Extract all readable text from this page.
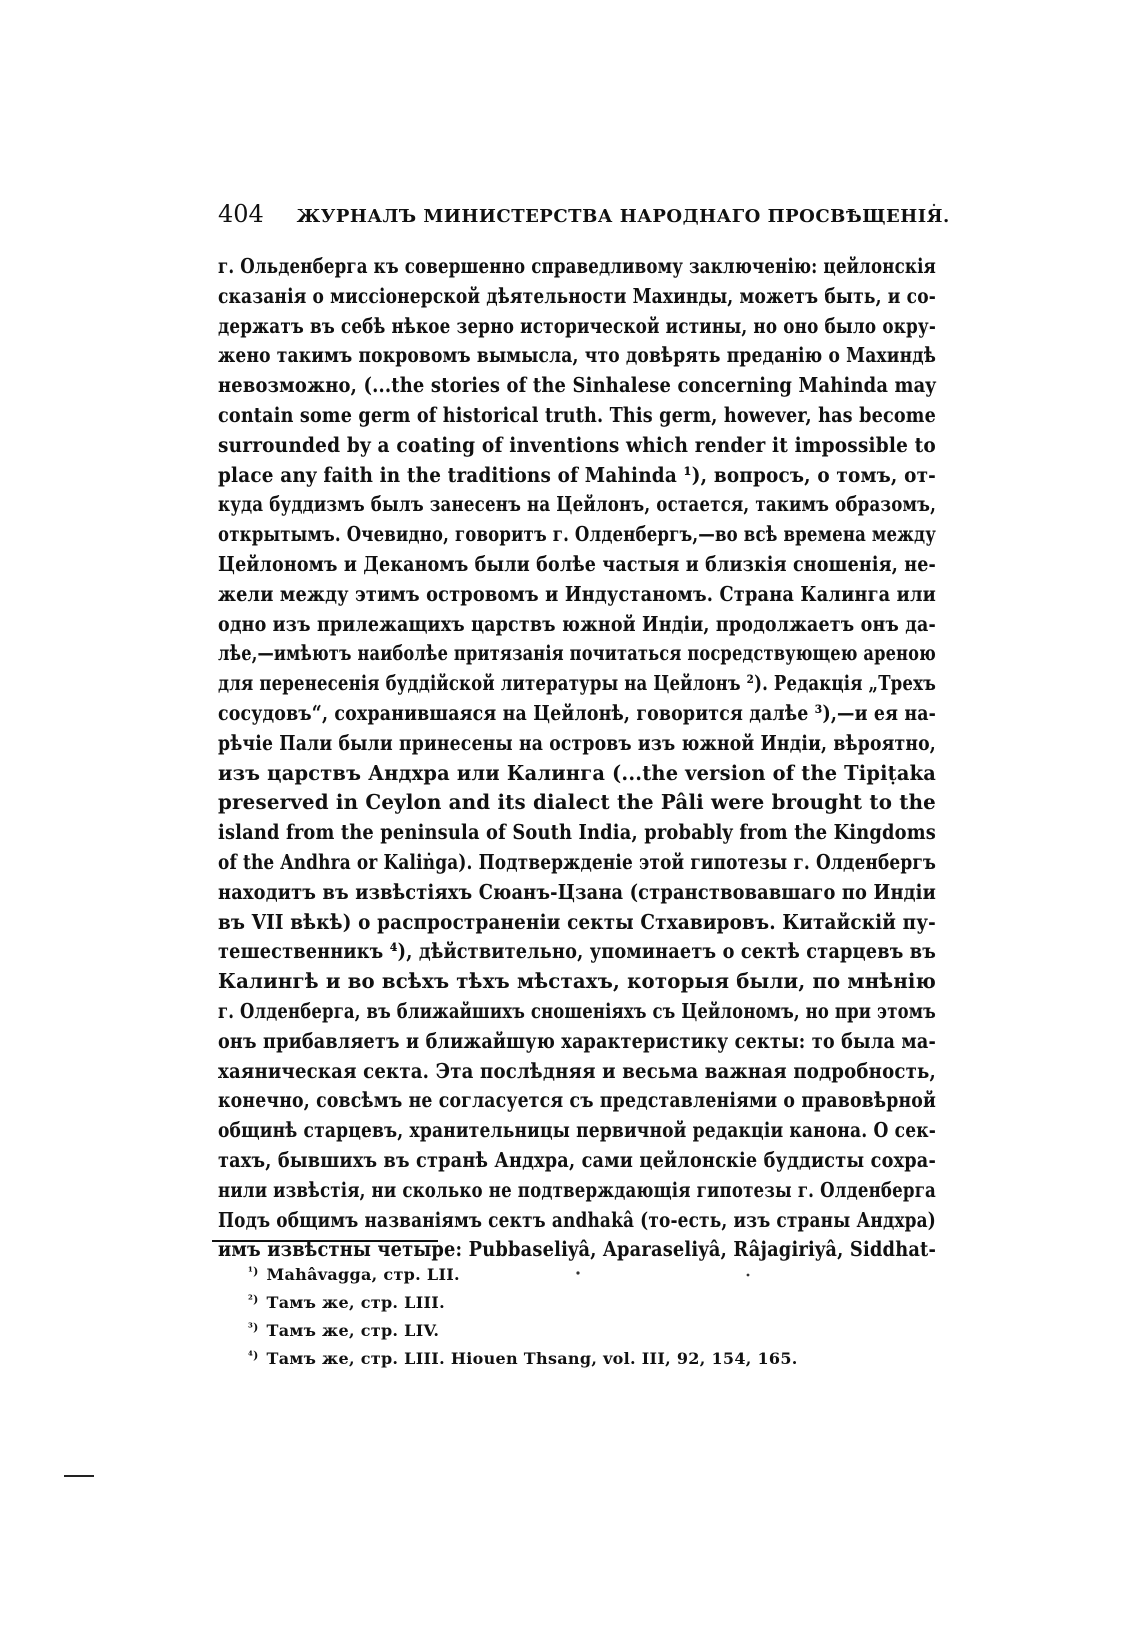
404 ЖУРНАЛЪ МИНИСТЕРСТВА НАРОДНАГО ПРОСВѢЩЕНІЯ.
г. Ольденберга къ совершенно справедливому заключенію: цейлонскія
сказанія о миссіонерской дѣятельности Махинды, можетъ быть, и со-
держатъ въ себѣ нѣкое зерно исторической истины, но оно было окру-
жено такимъ покровомъ вымысла, что довѣрять преданію о Махиндѣ
невозможно, (...the stories of the Sinhalese concerning Mahinda may
contain some germ of historical truth. This germ, however, has become
surrounded by a coating of inventions which render it impossible to
place any faith in the traditions of Mahinda ¹), вопросъ, о томъ, от-
куда буддизмъ былъ занесенъ на Цейлонъ, остается, такимъ образомъ,
открытымъ. Очевидно, говоритъ г. Олденбергъ,—во всѣ времена между
Цейлономъ и Деканомъ были болѣе частыя и близкія сношенія, не-
жели между этимъ островомъ и Индустаномъ. Страна Калинга или
одно изъ прилежащихъ царствъ южной Индіи, продолжаетъ онъ да-
лѣе,—имѣютъ наиболѣе притязанія почитаться посредствующею ареною
для перенесенія буддійской литературы на Цейлонъ ²). Редакція „Трехъ
сосудовъ“, сохранившаяся на Цейлонѣ, говорится далѣе ³),—и ея на-
рѣчіе Пали были принесены на островъ изъ южной Индіи, вѣроятно,
изъ царствъ Андхра или Калинга (...the version of the Tipiṭaka
preserved in Ceylon and its dialect the Pâli were brought to the
island from the peninsula of South India, probably from the Kingdoms
of the Andhra or Kaliṅga). Подтвержденіе этой гипотезы г. Олденбергъ
находитъ въ извѣстіяхъ Сюанъ-Цзана (странствовавшаго по Индіи
въ VII вѣкѣ) о распространеніи секты Стхавировъ. Китайскій пу-
тешественникъ ⁴), дѣйствительно, упоминаетъ о сектѣ старцевъ въ
Калингѣ и во всѣхъ тѣхъ мѣстахъ, которыя были, по мнѣнію
г. Олденберга, въ ближайшихъ сношеніяхъ съ Цейлономъ, но при этомъ
онъ прибавляетъ и ближайшую характеристику секты: то была ма-
хаяническая секта. Эта послѣдняя и весьма важная подробность,
конечно, совсѣмъ не согласуется съ представленіями о правовѣрной
общинѣ старцевъ, хранительницы первичной редакціи канона. О сек-
тахъ, бывшихъ въ странѣ Андхра, сами цейлонскіе буддисты сохра-
нили извѣстія, ни сколько не подтверждающія гипотезы г. Олденберга
Подъ общимъ названіямъ сектъ andhakâ (то-есть, изъ страны Андхра)
имъ извѣстны четыре: Pubbaseliyâ, Aparaseliyâ, Râjagiriyâ, Siddhat-
$^{^1)}$ Mahâvagga, стр. LII.
$^{^2)}$ Тамъ же, стр. LIII.
$^{^3)}$ Тамъ же, стр. LIV.
$^{^4)}$ Тамъ же, стр. LIII. Hiouen Thsang, vol. III, 92, 154, 165.
